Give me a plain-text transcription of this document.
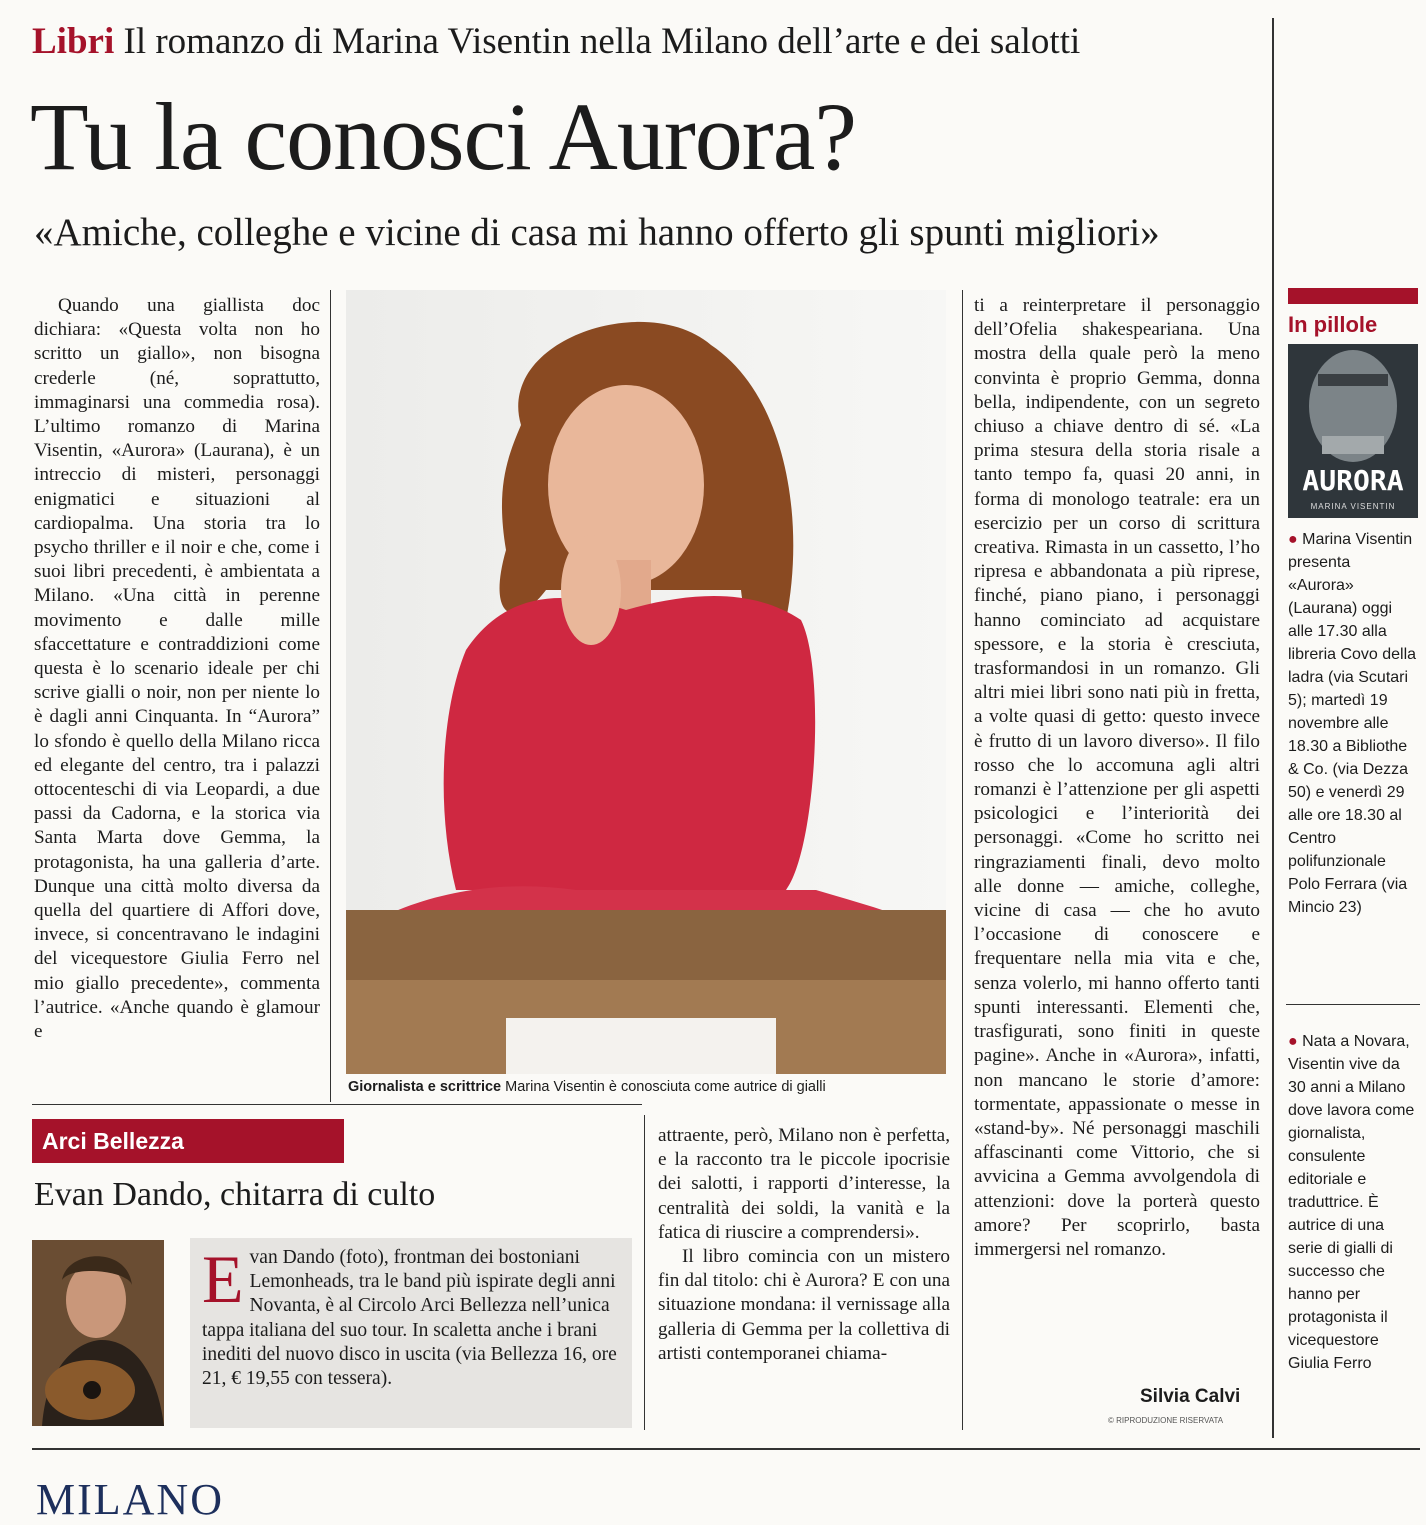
Libri Il romanzo di Marina Visentin nella Milano dell’arte e dei salotti
Tu la conosci Aurora?
«Amiche, colleghe e vicine di casa mi hanno offerto gli spunti migliori»

Quando una giallista doc dichiara: «Questa volta non ho scritto un giallo», non bisogna crederle (né, soprattutto, immaginarsi una commedia rosa). L’ultimo romanzo di Marina Visentin, «Aurora» (Laurana), è un intreccio di misteri, personaggi enigmatici e situazioni al cardiopalma. Una storia tra lo psycho thriller e il noir e che, come i suoi libri precedenti, è ambientata a Milano. «Una città in perenne movimento e dalle mille sfaccettature e contraddizioni come questa è lo scenario ideale per chi scrive gialli o noir, non per niente lo è dagli anni Cinquanta. In “Aurora” lo sfondo è quello della Milano ricca ed elegante del centro, tra i palazzi ottocenteschi di via Leopardi, a due passi da Cadorna, e la storica via Santa Marta dove Gemma, la protagonista, ha una galleria d’arte. Dunque una città molto diversa da quella del quartiere di Affori dove, invece, si concentravano le indagini del vicequestore Giulia Ferro nel mio giallo precedente», commenta l’autrice. «Anche quando è glamour e

Giornalista e scrittrice Marina Visentin è conosciuta come autrice di gialli

ti a reinterpretare il personaggio dell’Ofelia shakespeariana. Una mostra della quale però la meno convinta è proprio Gemma, donna bella, indipendente, con un segreto chiuso a chiave dentro di sé. «La prima stesura della storia risale a tanto tempo fa, quasi 20 anni, in forma di monologo teatrale: era un esercizio per un corso di scrittura creativa. Rimasta in un cassetto, l’ho ripresa e abbandonata a più riprese, finché, piano piano, i personaggi hanno cominciato ad acquistare spessore, e la storia è cresciuta, trasformandosi in un romanzo. Gli altri miei libri sono nati più in fretta, a volte quasi di getto: questo invece è frutto di un lavoro diverso». Il filo rosso che lo accomuna agli altri romanzi è l’attenzione per gli aspetti psicologici e l’interiorità dei personaggi. «Come ho scritto nei ringraziamenti finali, devo molto alle donne — amiche, colleghe, vicine di casa — che ho avuto l’occasione di conoscere e frequentare nella mia vita e che, senza volerlo, mi hanno offerto tanti spunti interessanti. Elementi che, trasfigurati, sono finiti in queste pagine». Anche in «Aurora», infatti, non mancano le storie d’amore: tormentate, appassionate o messe in «stand-by». Né personaggi maschili affascinanti come Vittorio, che si avvicina a Gemma avvolgendola di attenzioni: dove la porterà questo amore? Per scoprirlo, basta immergersi nel romanzo.

Silvia Calvi
© RIPRODUZIONE RISERVATA
Arci Bellezza
Evan Dando, chitarra di culto
Evan Dando (foto), frontman dei bostoniani Lemonheads, tra le band più ispirate degli anni Novanta, è al Circolo Arci Bellezza nell’unica tappa italiana del suo tour. In scaletta anche i brani inediti del nuovo disco in uscita (via Bellezza 16, ore 21, € 19,55 con tessera).

attraente, però, Milano non è perfetta, e la racconto tra le piccole ipocrisie dei salotti, i rapporti d’interesse, la centralità dei soldi, la vanità e la fatica di riuscire a comprendersi».

Il libro comincia con un mistero fin dal titolo: chi è Aurora? E con una situazione mondana: il vernissage alla galleria di Gemma per la collettiva di artisti contemporanei chiama-

In pillole
AURORA
MARINA VISENTIN

● Marina Visentin presenta «Aurora» (Laurana) oggi alle 17.30 alla libreria Covo della ladra (via Scutari 5); martedì 19 novembre alle 18.30 a Bibliothe & Co. (via Dezza 50) e venerdì 29 alle ore 18.30 al Centro polifunzionale Polo Ferrara (via Mincio 23)

● Nata a Novara, Visentin vive da 30 anni a Milano dove lavora come giornalista, consulente editoriale e traduttrice. È autrice di una serie di gialli di successo che hanno per protagonista il vicequestore Giulia Ferro

MILANO
